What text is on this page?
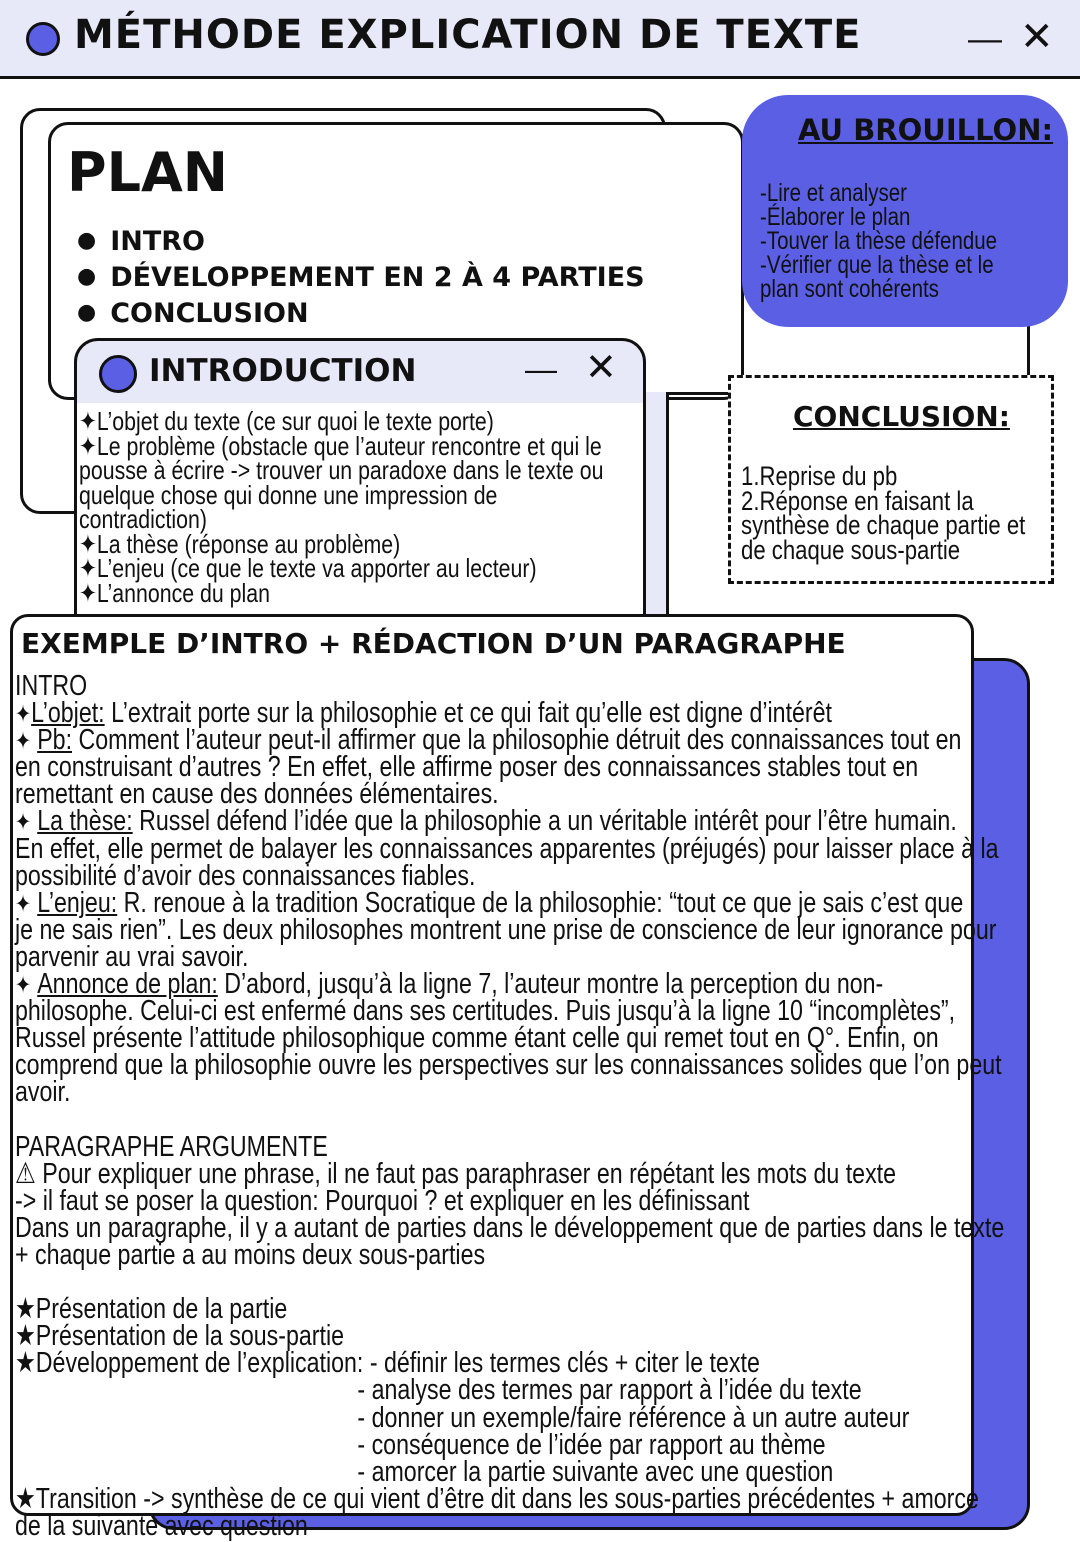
MÉTHODE EXPLICATION DE TEXTE	— ✕
PLAN
● INTRO
● DÉVELOPPEMENT EN 2 À 4 PARTIES
● CONCLUSION
AU BROUILLON:
-Lire et analyser
-Élaborer le plan
-Touver la thèse défendue
-Vérifier que la thèse et le
plan sont cohérents
INTRODUCTION	— ✕
✦L’objet du texte (ce sur quoi le texte porte)
✦Le problème (obstacle que l’auteur rencontre et qui le
pousse à écrire -> trouver un paradoxe dans le texte ou
quelque chose qui donne une impression de
contradiction)
✦La thèse (réponse au problème)
✦L’enjeu (ce que le texte va apporter au lecteur)
✦L’annonce du plan
CONCLUSION:
1.Reprise du pb
2.Réponse en faisant la
synthèse de chaque partie et
de chaque sous-partie
EXEMPLE D’INTRO + RÉDACTION D’UN PARAGRAPHE
INTRO
✦L’objet: L’extrait porte sur la philosophie et ce qui fait qu’elle est digne d’intérêt
✦ Pb: Comment l’auteur peut-il affirmer que la philosophie détruit des connaissances tout en
en construisant d’autres ? En effet, elle affirme poser des connaissances stables tout en
remettant en cause des données élémentaires.
✦ La thèse: Russel défend l’idée que la philosophie a un véritable intérêt pour l’être humain.
En effet, elle permet de balayer les connaissances apparentes (préjugés) pour laisser place à la
possibilité d’avoir des connaissances fiables.
✦ L’enjeu: R. renoue à la tradition Socratique de la philosophie: “tout ce que je sais c’est que
je ne sais rien”. Les deux philosophes montrent une prise de conscience de leur ignorance pour
parvenir au vrai savoir.
✦ Annonce de plan: D’abord, jusqu’à la ligne 7, l’auteur montre la perception du non-
philosophe. Celui-ci est enfermé dans ses certitudes. Puis jusqu’à la ligne 10 “incomplètes”,
Russel présente l’attitude philosophique comme étant celle qui remet tout en Q°. Enfin, on
comprend que la philosophie ouvre les perspectives sur les connaissances solides que l’on peut
avoir.
PARAGRAPHE ARGUMENTE
⚠ Pour expliquer une phrase, il ne faut pas paraphraser en répétant les mots du texte
-> il faut se poser la question: Pourquoi ? et expliquer en les définissant
Dans un paragraphe, il y a autant de parties dans le développement que de parties dans le texte
+ chaque partie a au moins deux sous-parties
★Présentation de la partie
★Présentation de la sous-partie
★Développement de l’explication: - définir les termes clés + citer le texte
- analyse des termes par rapport à l’idée du texte
- donner un exemple/faire référence à un autre auteur
- conséquence de l’idée par rapport au thème
- amorcer la partie suivante avec une question
★Transition -> synthèse de ce qui vient d’être dit dans les sous-parties précédentes + amorce
de la suivante avec question
